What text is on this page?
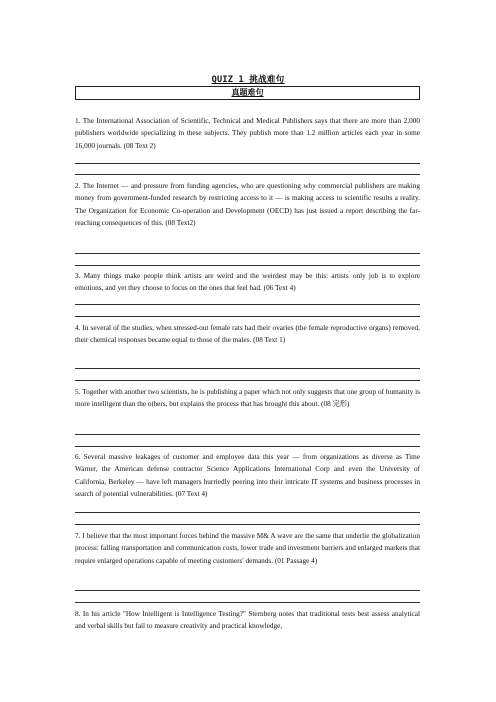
QUIZ 1 挑战难句
真题难句
1. The International Association of Scientific, Technical and Medical Publishers says that there are more than 2,000 publishers worldwide specializing in these subjects. They publish more than 1.2 million articles each year in some 16,000 journals. (08 Text 2)
2. The Internet — and pressure from funding agencies, who are questioning why commercial publishers are making money from government-funded research by restricting access to it — is making access to scientific results a reality. The Organization for Economic Co-operation and Development (OECD) has just issued a report describing the far-reaching consequences of this. (08 Text2)
3. Many things make people think artists are weird and the weirdest may be this: artists' only job is to explore emotions, and yet they choose to focus on the ones that feel bad. (06 Text 4)
4. In several of the studies, when stressed-out female rats had their ovaries (the female reproductive organs) removed, their chemical responses became equal to those of the males. (08 Text 1)
5. Together with another two scientists, he is publishing a paper which not only suggests that one group of humanity is more intelligent than the others, but explains the process that has brought this about. (08 完形)
6. Several massive leakages of customer and employee data this year — from organizations as diverse as Time Warner, the American defense contractor Science Applications International Corp and even the University of California, Berkeley — have left managers hurriedly peering into their intricate IT systems and business processes in search of potential vulnerabilities. (07 Text 4)
7. I believe that the most important forces behind the massive M& A wave are the same that underlie the globalization process: falling transportation and communication costs, lower trade and investment barriers and enlarged markets that require enlarged operations capable of meeting customers' demands. (01 Passage 4)
8. In his article "How Intelligent is Intelligence Testing?" Sternberg notes that traditional tests best assess analytical and verbal skills but fail to measure creativity and practical knowledge,
